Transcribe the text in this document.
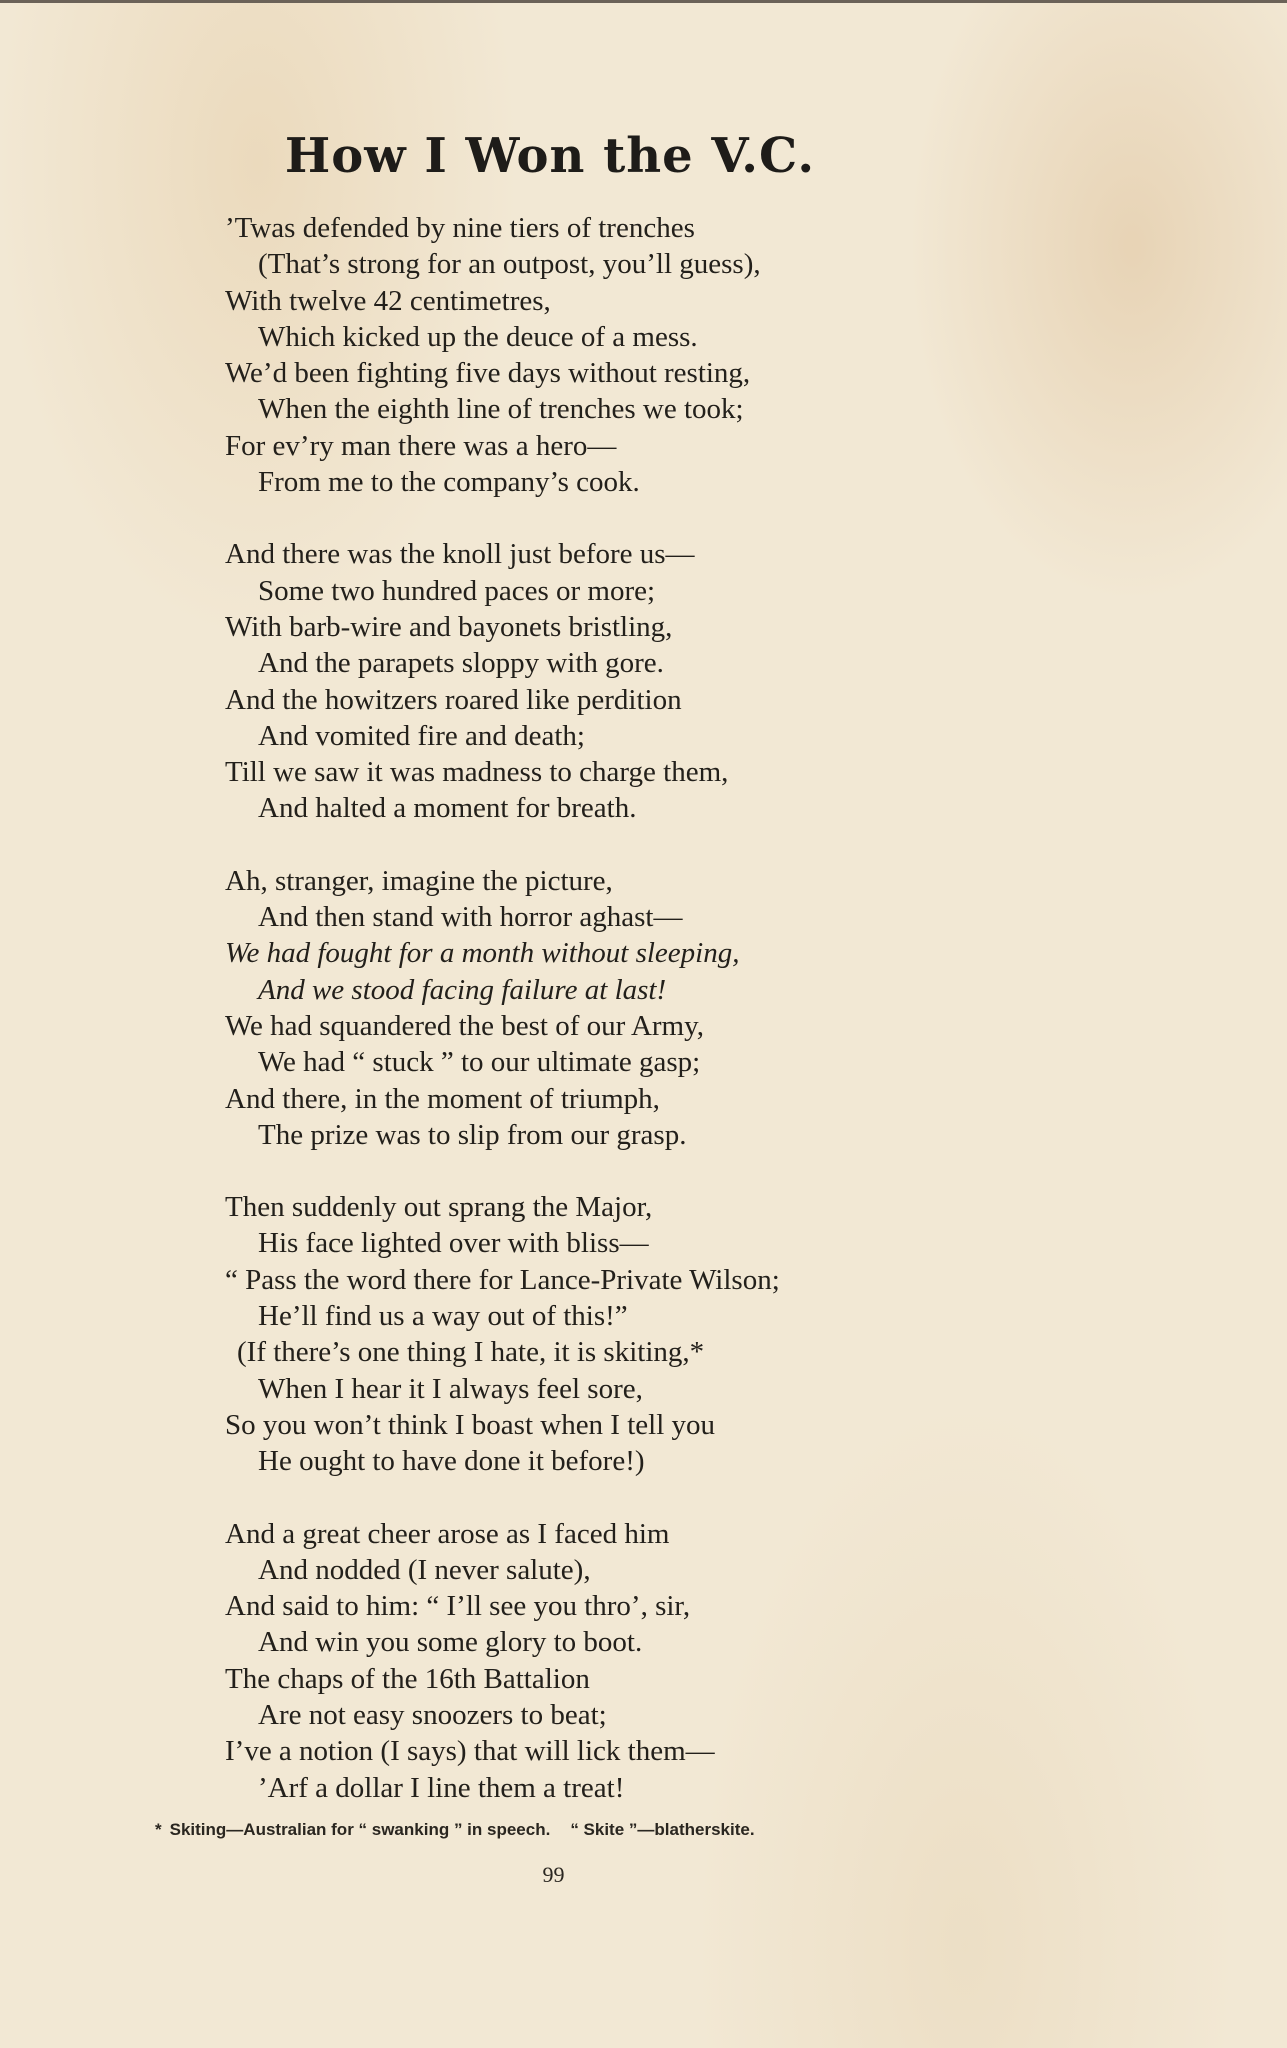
How I Won the V.C.
’Twas defended by nine tiers of trenches
(That’s strong for an outpost, you’ll guess),
With twelve 42 centimetres,
Which kicked up the deuce of a mess.
We’d been fighting five days without resting,
When the eighth line of trenches we took;
For ev’ry man there was a hero—
From me to the company’s cook.
And there was the knoll just before us—
Some two hundred paces or more;
With barb-wire and bayonets bristling,
And the parapets sloppy with gore.
And the howitzers roared like perdition
And vomited fire and death;
Till we saw it was madness to charge them,
And halted a moment for breath.
Ah, stranger, imagine the picture,
And then stand with horror aghast—
We had fought for a month without sleeping,
And we stood facing failure at last!
We had squandered the best of our Army,
We had “ stuck ” to our ultimate gasp;
And there, in the moment of triumph,
The prize was to slip from our grasp.
Then suddenly out sprang the Major,
His face lighted over with bliss—
“ Pass the word there for Lance-Private Wilson;
He’ll find us a way out of this!”
(If there’s one thing I hate, it is skiting,*
When I hear it I always feel sore,
So you won’t think I boast when I tell you
He ought to have done it before!)
And a great cheer arose as I faced him
And nodded (I never salute),
And said to him: “ I’ll see you thro’, sir,
And win you some glory to boot.
The chaps of the 16th Battalion
Are not easy snoozers to beat;
I’ve a notion (I says) that will lick them—
’Arf a dollar I line them a treat!
* Skiting—Australian for “ swanking ” in speech. “ Skite ”—blatherskite.
99
